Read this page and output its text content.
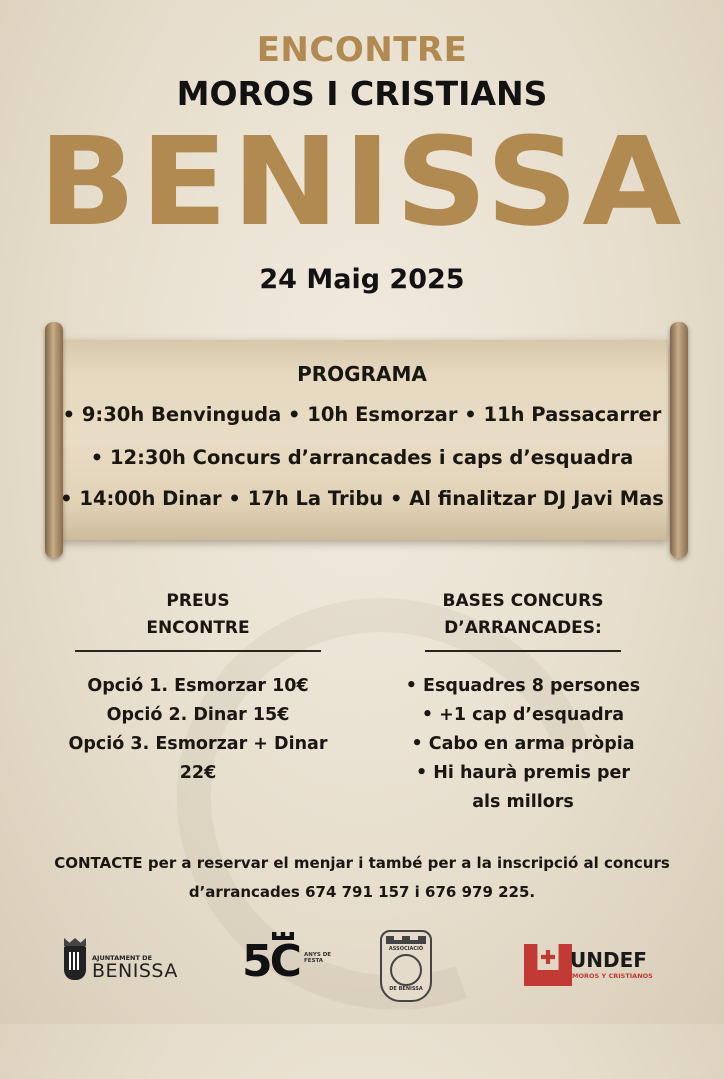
ENCONTRE
MOROS I CRISTIANS
BENISSA
24 Maig 2025
PROGRAMA
• 9:30h Benvinguda • 10h Esmorzar • 11h Passacarrer
• 12:30h Concurs d’arrancades i caps d’esquadra
• 14:00h Dinar • 17h La Tribu • Al finalitzar DJ Javi Mas
PREUS
ENCONTRE
Opció 1. Esmorzar 10€
Opció 2. Dinar 15€
Opció 3. Esmorzar + Dinar 22€
BASES CONCURS
D’ARRANCADES:
• Esquadres 8 persones
• +1 cap d’esquadra
• Cabo en arma pròpia
• Hi haurà premis per
als millors
CONTACTE per a reservar el menjar i també per a la inscripció al concurs
d’arrancades 674 791 157 i 676 979 225.
AJUNTAMENT DE
BENISSA 5C ANYS DE FESTA
ASSOCIACIÓ
DE BENISSA
UNDEF
MOROS Y CRISTIANOS
